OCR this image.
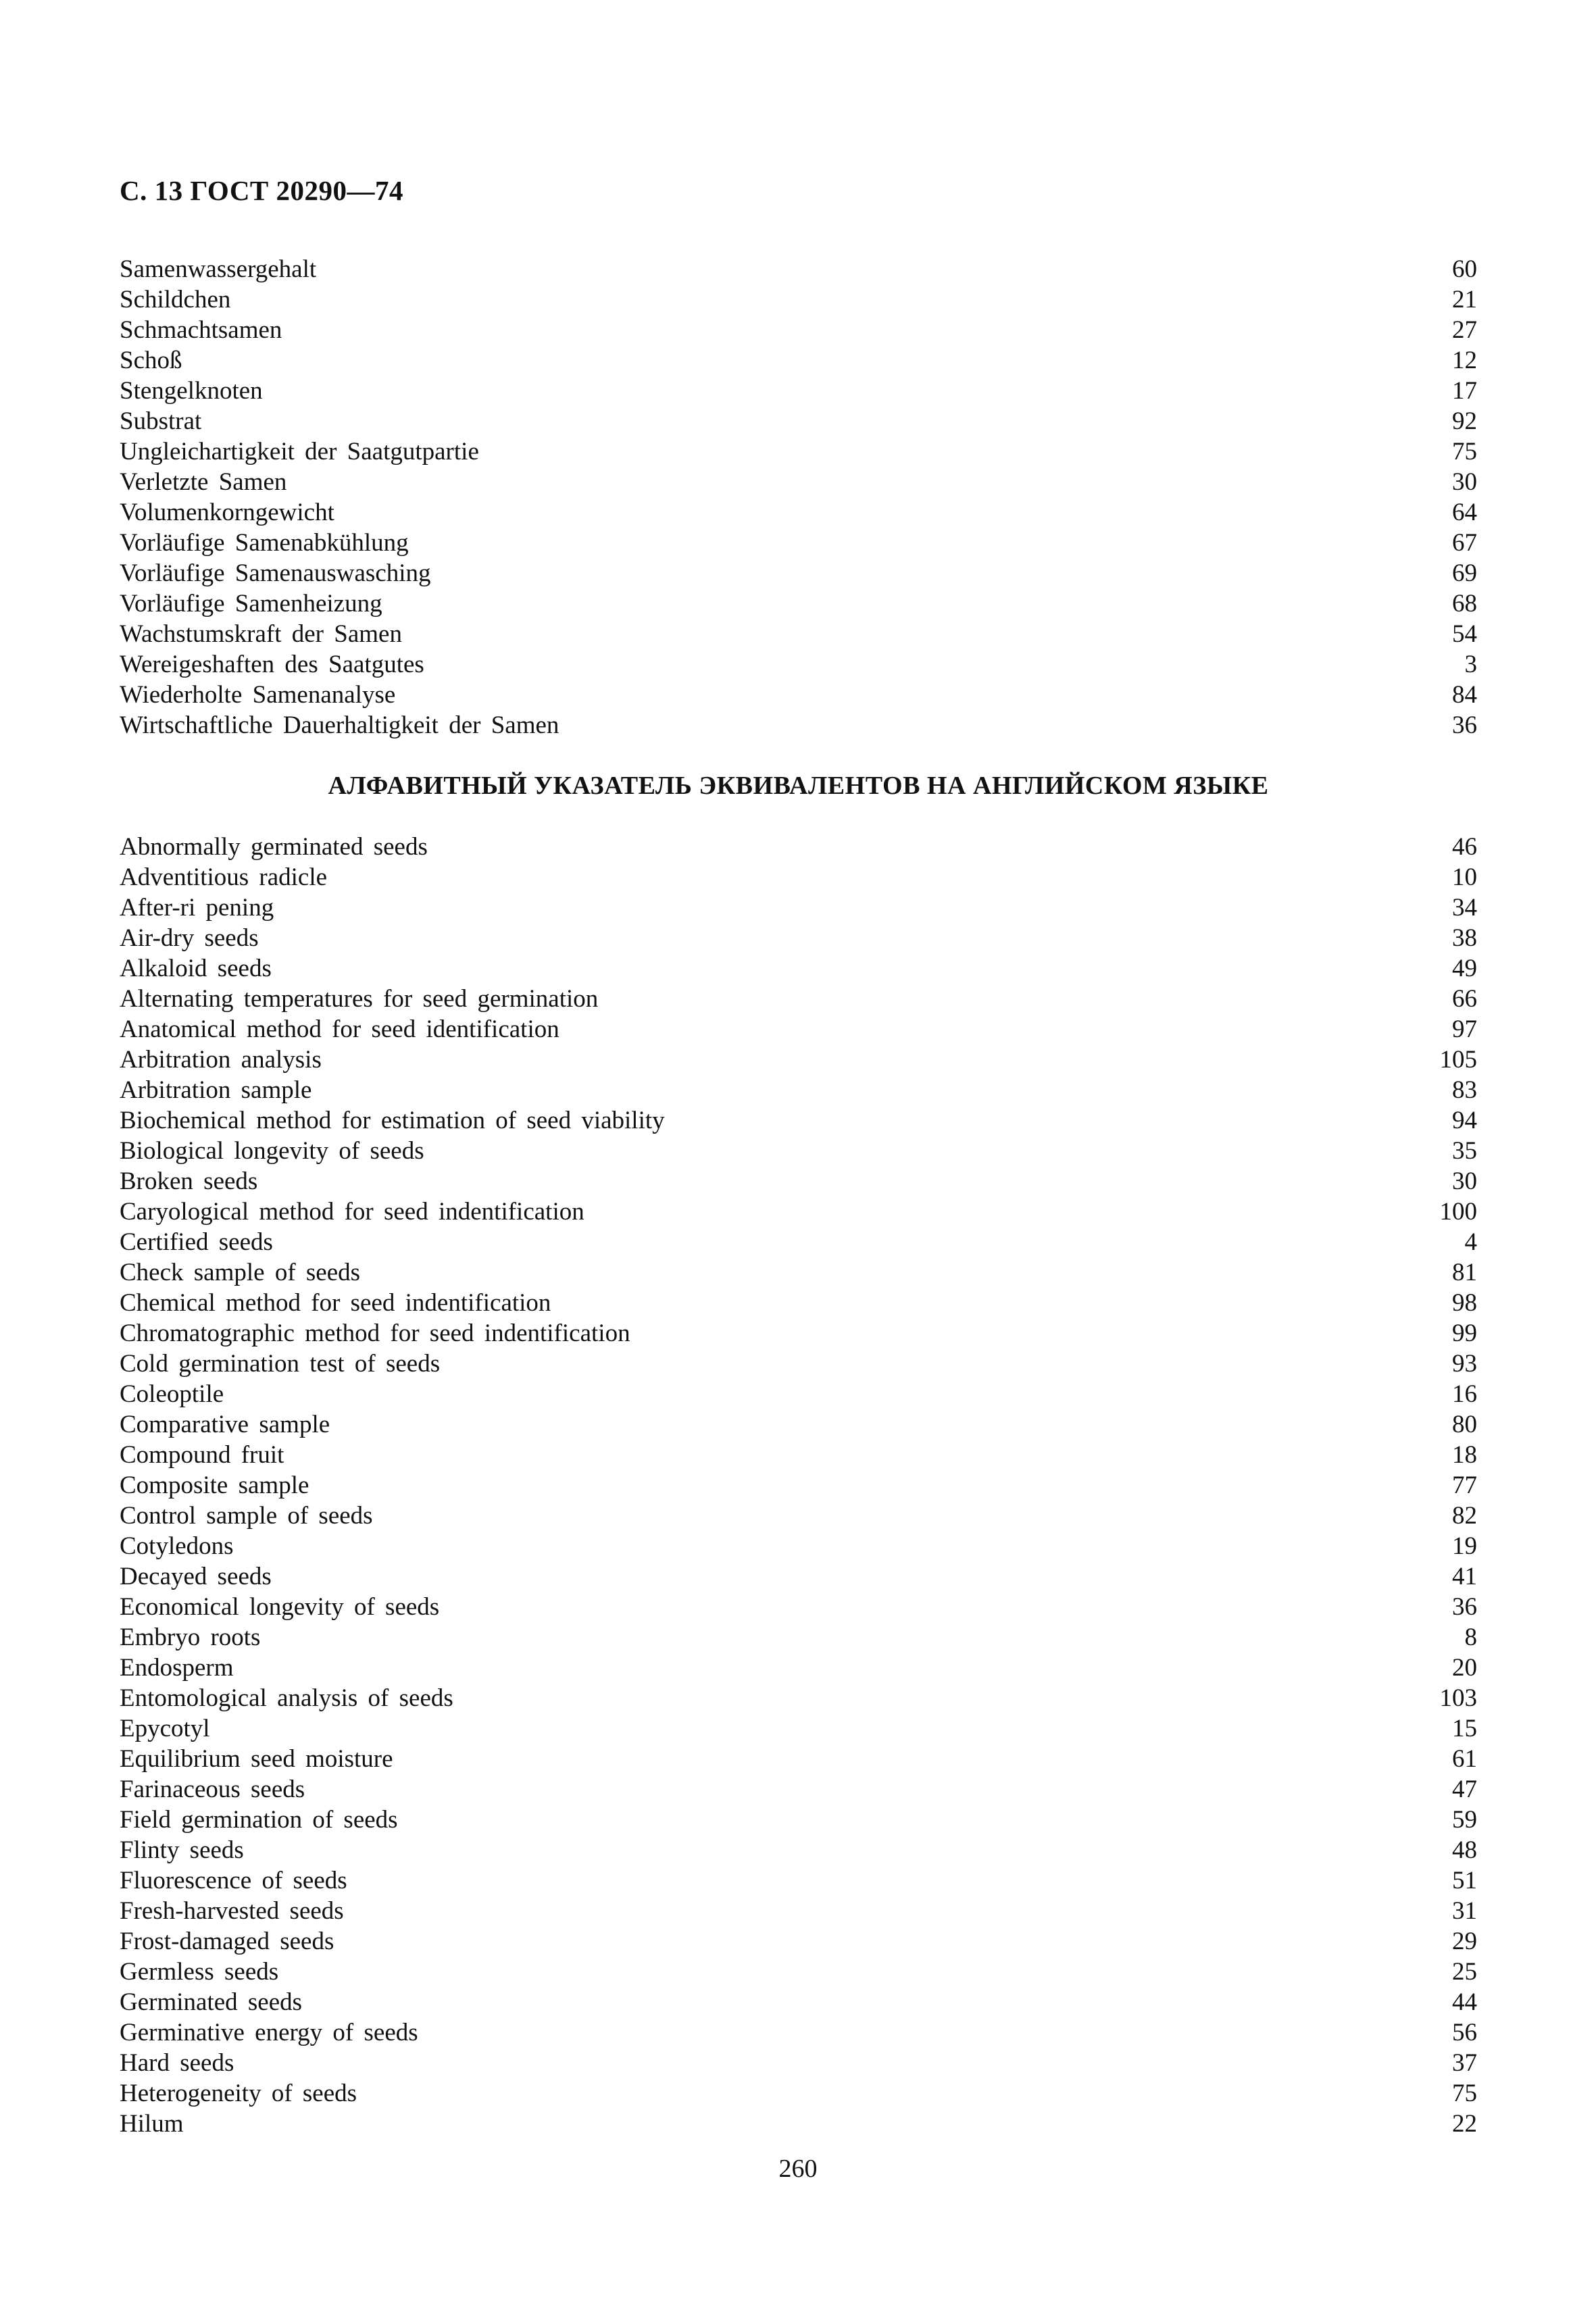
С. 13 ГОСТ 20290—74
Samenwassergehalt	60
Schildchen	21
Schmachtsamen	27
Schoß	12
Stengelknoten	17
Substrat	92
Ungleichartigkeit der Saatgutpartie	75
Verletzte Samen	30
Volumenkorngewicht	64
Vorläufige Samenabkühlung	67
Vorläufige Samenauswasching	69
Vorläufige Samenheizung	68
Wachstumskraft der Samen	54
Wereigeshaften des Saatgutes	3
Wiederholte Samenanalyse	84
Wirtschaftliche Dauerhaltigkeit der Samen	36
АЛФАВИТНЫЙ УКАЗАТЕЛЬ ЭКВИВАЛЕНТОВ НА АНГЛИЙСКОМ ЯЗЫКЕ
Abnormally germinated seeds	46
Adventitious radicle	10
After-ri pening	34
Air-dry seeds	38
Alkaloid seeds	49
Alternating temperatures for seed germination	66
Anatomical method for seed identification	97
Arbitration analysis	105
Arbitration sample	83
Biochemical method for estimation of seed viability	94
Biological longevity of seeds	35
Broken seeds	30
Caryological method for seed indentification	100
Certified seeds	4
Check sample of seeds	81
Chemical method for seed indentification	98
Chromatographic method for seed indentification	99
Cold germination test of seeds	93
Coleoptile	16
Comparative sample	80
Compound fruit	18
Composite sample	77
Control sample of seeds	82
Cotyledons	19
Decayed seeds	41
Economical longevity of seeds	36
Embryo roots	8
Endosperm	20
Entomological analysis of seeds	103
Epycotyl	15
Equilibrium seed moisture	61
Farinaceous seeds	47
Field germination of seeds	59
Flinty seeds	48
Fluorescence of seeds	51
Fresh-harvested seeds	31
Frost-damaged seeds	29
Germless seeds	25
Germinated seeds	44
Germinative energy of seeds	56
Hard seeds	37
Heterogeneity of seeds	75
Hilum	22
260
